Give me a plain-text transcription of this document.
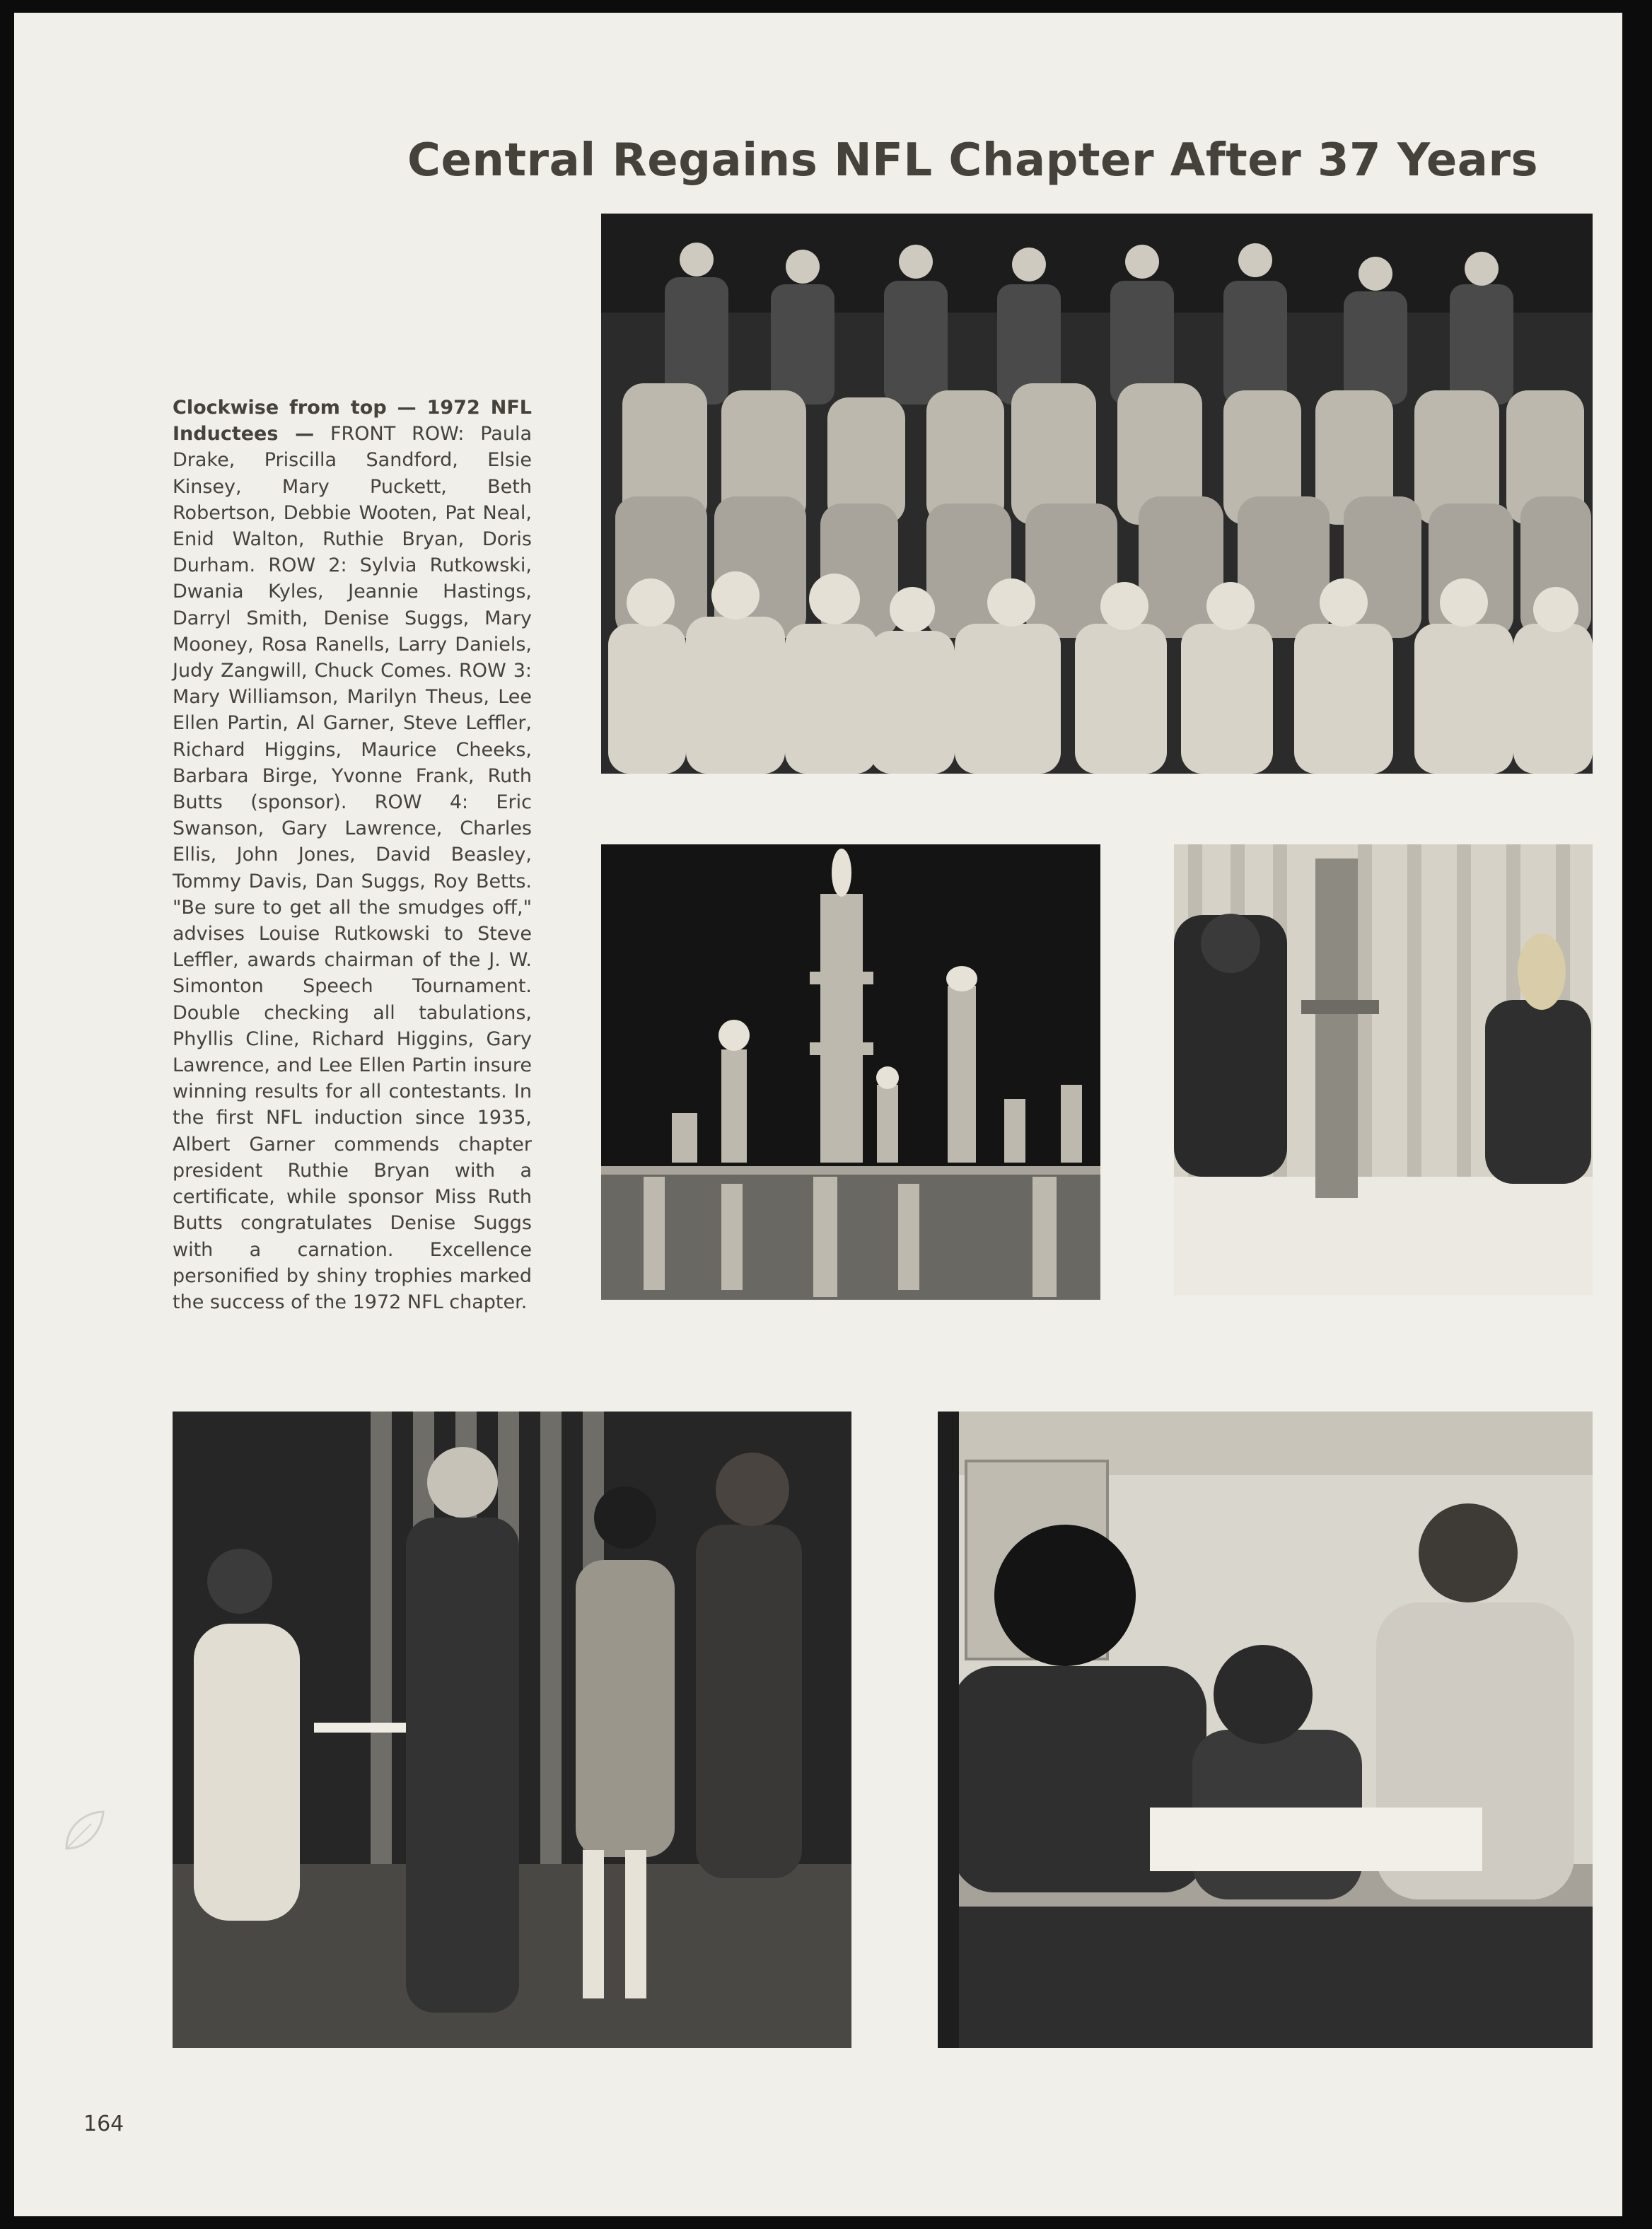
Central Regains NFL Chapter After 37 Years
Clockwise from top — 1972 NFL Inductees — FRONT ROW: Paula Drake, Priscilla Sandford, Elsie Kinsey, Mary Puckett, Beth Robertson, Debbie Wooten, Pat Neal, Enid Walton, Ruthie Bryan, Doris Durham. ROW 2: Sylvia Rutkowski, Dwania Kyles, Jeannie Hastings, Darryl Smith, Denise Suggs, Mary Mooney, Rosa Ranells, Larry Daniels, Judy Zangwill, Chuck Comes. ROW 3: Mary Williamson, Marilyn Theus, Lee Ellen Partin, Al Garner, Steve Leffler, Richard Higgins, Maurice Cheeks, Barbara Birge, Yvonne Frank, Ruth Butts (sponsor). ROW 4: Eric Swanson, Gary Lawrence, Charles Ellis, John Jones, David Beasley, Tommy Davis, Dan Suggs, Roy Betts. "Be sure to get all the smudges off," advises Louise Rutkowski to Steve Leffler, awards chairman of the J. W. Simonton Speech Tournament. Double checking all tabulations, Phyllis Cline, Richard Higgins, Gary Lawrence, and Lee Ellen Partin insure winning results for all contestants. In the first NFL induction since 1935, Albert Garner commends chapter president Ruthie Bryan with a certificate, while sponsor Miss Ruth Butts congratulates Denise Suggs with a carnation. Excellence personified by shiny trophies marked the success of the 1972 NFL chapter.
164
